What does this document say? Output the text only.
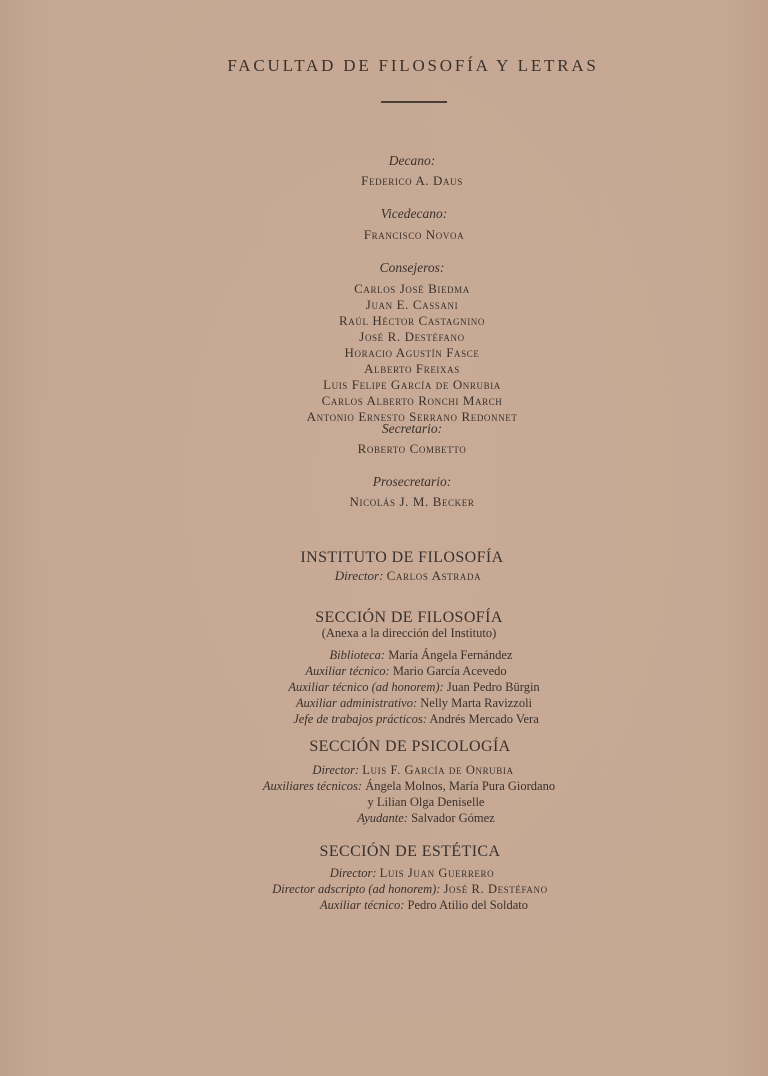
FACULTAD DE FILOSOFÍA Y LETRAS
Decano:
Federico A. Daus
Vicedecano:
Francisco Novoa
Consejeros:
Carlos José Biedma
Juan E. Cassani
Raúl Héctor Castagnino
José R. Destéfano
Horacio Agustín Fasce
Alberto Freixas
Luis Felipe García de Onrubia
Carlos Alberto Ronchi March
Antonio Ernesto Serrano Redonnet
Secretario:
Roberto Combetto
Prosecretario:
Nicolás J. M. Becker
INSTITUTO DE FILOSOFÍA
Director: Carlos Astrada
SECCIÓN DE FILOSOFÍA
(Anexa a la dirección del Instituto)
Biblioteca: María Ángela Fernández
Auxiliar técnico: Mario García Acevedo
Auxiliar técnico (ad honorem): Juan Pedro Bürgin
Auxiliar administrativo: Nelly Marta Ravizzoli
Jefe de trabajos prácticos: Andrés Mercado Vera
SECCIÓN DE PSICOLOGÍA
Director: Luis F. García de Onrubia
Auxiliares técnicos: Ángela Molnos, María Pura Giordano
y Lilian Olga Deniselle
Ayudante: Salvador Gómez
SECCIÓN DE ESTÉTICA
Director: Luis Juan Guerrero
Director adscripto (ad honorem): José R. Destéfano
Auxiliar técnico: Pedro Atilio del Soldato
